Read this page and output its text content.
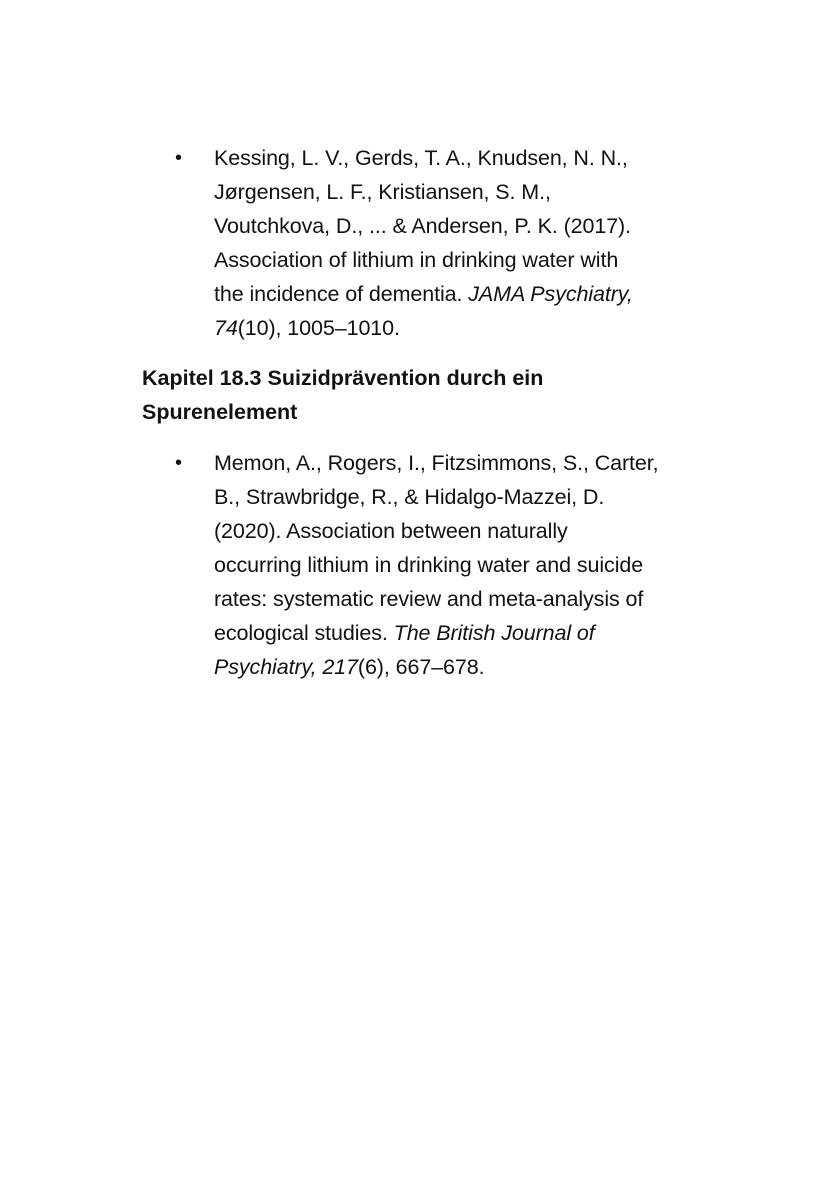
• Kessing, L. V., Gerds, T. A., Knudsen, N. N.,
Jørgensen, L. F., Kristiansen, S. M.,
Voutchkova, D., ... & Andersen, P. K. (2017).
Association of lithium in drinking water with
the incidence of dementia. JAMA Psychiatry,
74(10), 1005–1010.
Kapitel 18.3 Suizidprävention durch ein
Spurenelement
• Memon, A., Rogers, I., Fitzsimmons, S., Carter,
B., Strawbridge, R., & Hidalgo-Mazzei, D.
(2020). Association between naturally
occurring lithium in drinking water and suicide
rates: systematic review and meta-analysis of
ecological studies. The British Journal of
Psychiatry, 217(6), 667–678.
